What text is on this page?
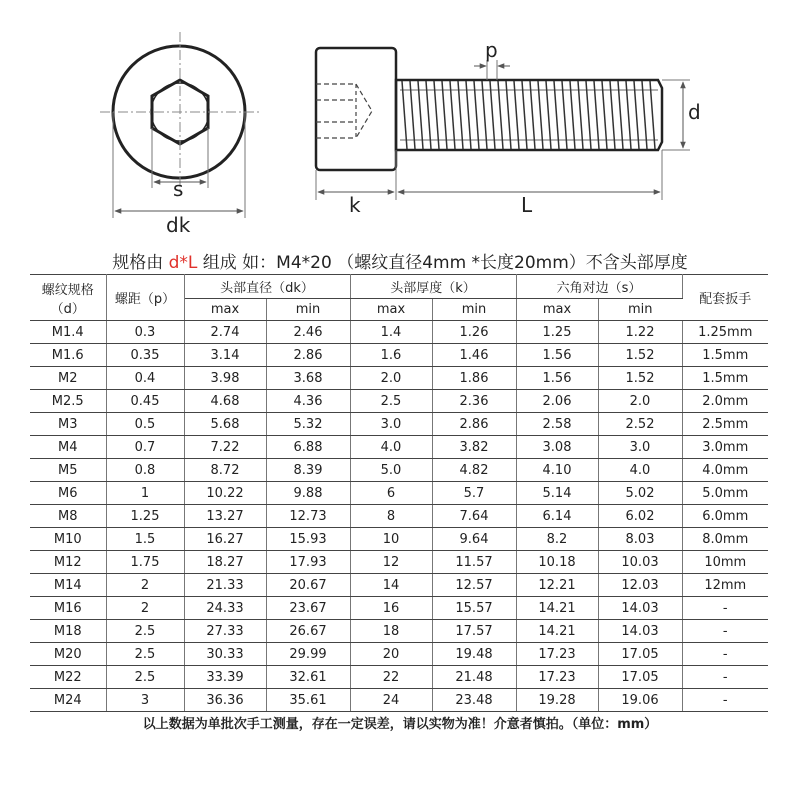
s
dk
p
d
k	L
规格由 d*L 组成 如：M4*20 （螺纹直径4mm *长度20mm）不含头部厚度
螺纹规格
（d）	螺距（p）	头部直径（dk）		头部厚度（k）		六角对边（s）		配套扳手
		max	min	max	min	max	min	
M1.4	0.3	2.74	2.46	1.4	1.26	1.25	1.22	1.25mm
M1.6	0.35	3.14	2.86	1.6	1.46	1.56	1.52	1.5mm
M2	0.4	3.98	3.68	2.0	1.86	1.56	1.52	1.5mm
M2.5	0.45	4.68	4.36	2.5	2.36	2.06	2.0	2.0mm
M3	0.5	5.68	5.32	3.0	2.86	2.58	2.52	2.5mm
M4	0.7	7.22	6.88	4.0	3.82	3.08	3.0	3.0mm
M5	0.8	8.72	8.39	5.0	4.82	4.10	4.0	4.0mm
M6	1	10.22	9.88	6	5.7	5.14	5.02	5.0mm
M8	1.25	13.27	12.73	8	7.64	6.14	6.02	6.0mm
M10	1.5	16.27	15.93	10	9.64	8.2	8.03	8.0mm
M12	1.75	18.27	17.93	12	11.57	10.18	10.03	10mm
M14	2	21.33	20.67	14	12.57	12.21	12.03	12mm
M16	2	24.33	23.67	16	15.57	14.21	14.03	-
M18	2.5	27.33	26.67	18	17.57	14.21	14.03	-
M20	2.5	30.33	29.99	20	19.48	17.23	17.05	-
M22	2.5	33.39	32.61	22	21.48	17.23	17.05	-
M24	3	36.36	35.61	24	23.48	19.28	19.06	-
以上数据为单批次手工测量，存在一定误差，请以实物为准！介意者慎拍。（单位：mm）
